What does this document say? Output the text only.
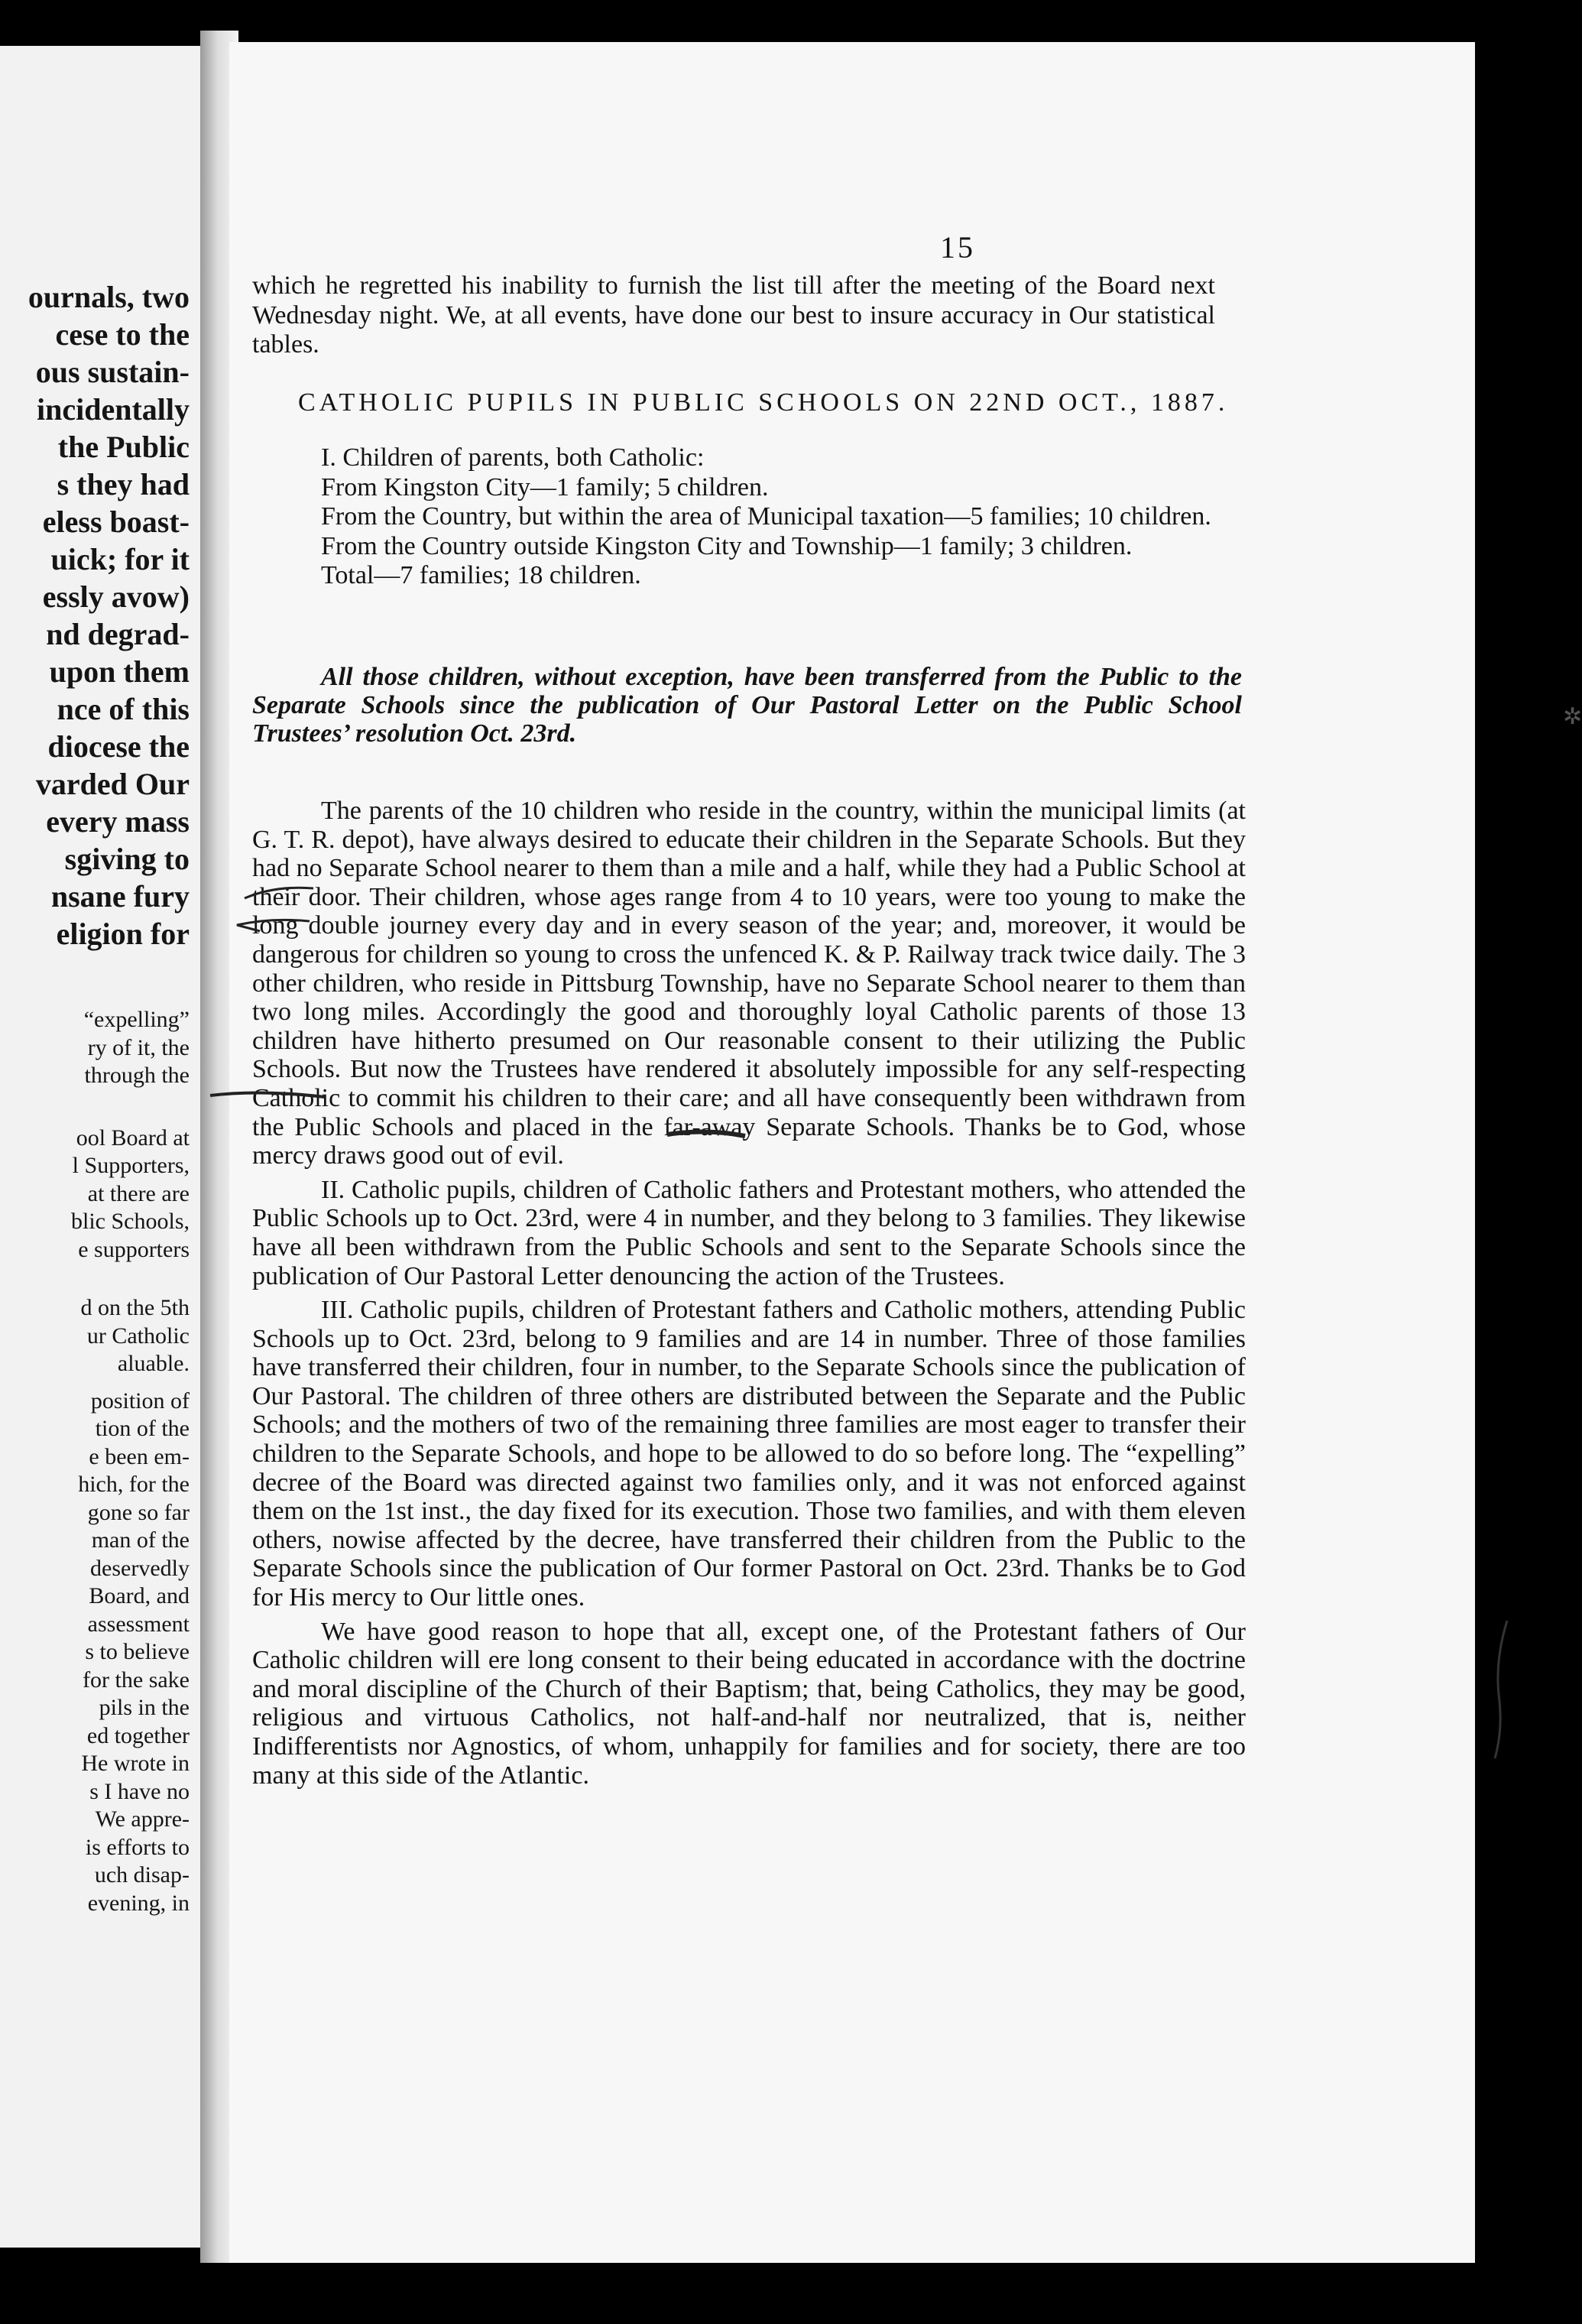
ournals, two
cese to the
ous sustain-
incidentally
the Public
s they had
eless boast-
uick; for it
essly avow)
nd degrad-
upon them
nce of this
diocese the
varded Our
every mass
sgiving to
nsane fury
eligion for
“expelling”
ry of it, the
through the
ool Board at
l Supporters,
at there are
blic Schools,
e supporters
d on the 5th
ur Catholic
aluable.
position of
tion of the
e been em-
hich, for the
gone so far
man of the
deservedly
Board, and
assessment
s to believe
for the sake
pils in the
ed together
He wrote in
s I have no
We appre-
is efforts to
uch disap-
evening, in
15

which he regretted his inability to furnish the list till after the meeting of the Board next Wednesday night. We, at all events, have done our best to insure accuracy in Our statistical tables.

CATHOLIC PUPILS IN PUBLIC SCHOOLS ON 22ND OCT., 1887.

I. Children of parents, both Catholic:

From Kingston City—1 family; 5 children.

From the Country, but within the area of Municipal taxation—5 families; 10 children.

From the Country outside Kingston City and Township—1 family; 3 children.

Total—7 families; 18 children.

All those children, without exception, have been transferred from the Public to the Separate Schools since the publication of Our Pastoral Letter on the Public School Trustees’ resolution Oct. 23rd.

The parents of the 10 children who reside in the country, within the municipal limits (at G. T. R. depot), have always desired to educate their children in the Separate Schools. But they had no Separate School nearer to them than a mile and a half, while they had a Public School at their door. Their children, whose ages range from 4 to 10 years, were too young to make the long double journey every day and in every season of the year; and, moreover, it would be dangerous for children so young to cross the unfenced K. & P. Railway track twice daily. The 3 other children, who reside in Pittsburg Township, have no Separate School nearer to them than two long miles. Accordingly the good and thoroughly loyal Catholic parents of those 13 children have hitherto presumed on Our reasonable consent to their utilizing the Public Schools. But now the Trustees have rendered it absolutely impossible for any self-respecting Catholic to commit his children to their care; and all have consequently been withdrawn from the Public Schools and placed in the far-away Separate Schools. Thanks be to God, whose mercy draws good out of evil.

II. Catholic pupils, children of Catholic fathers and Protestant mothers, who attended the Public Schools up to Oct. 23rd, were 4 in number, and they belong to 3 families. They likewise have all been withdrawn from the Public Schools and sent to the Separate Schools since the publication of Our Pastoral Letter denouncing the action of the Trustees.

III. Catholic pupils, children of Protestant fathers and Catholic mothers, attending Public Schools up to Oct. 23rd, belong to 9 families and are 14 in number. Three of those families have transferred their children, four in number, to the Separate Schools since the publication of Our Pastoral. The children of three others are distributed between the Separate and the Public Schools; and the mothers of two of the remaining three families are most eager to transfer their children to the Separate Schools, and hope to be allowed to do so before long. The “expelling” decree of the Board was directed against two families only, and it was not enforced against them on the 1st inst., the day fixed for its execution. Those two families, and with them eleven others, nowise affected by the decree, have transferred their children from the Public to the Separate Schools since the publication of Our former Pastoral on Oct. 23rd. Thanks be to God for His mercy to Our little ones.

We have good reason to hope that all, except one, of the Protestant fathers of Our Catholic children will ere long consent to their being educated in accordance with the doctrine and moral discipline of the Church of their Baptism; that, being Catholics, they may be good, religious and virtuous Catholics, not half-and-half nor neutralized, that is, neither Indifferentists nor Agnostics, of whom, unhappily for families and for society, there are too many at this side of the Atlantic.

✲
